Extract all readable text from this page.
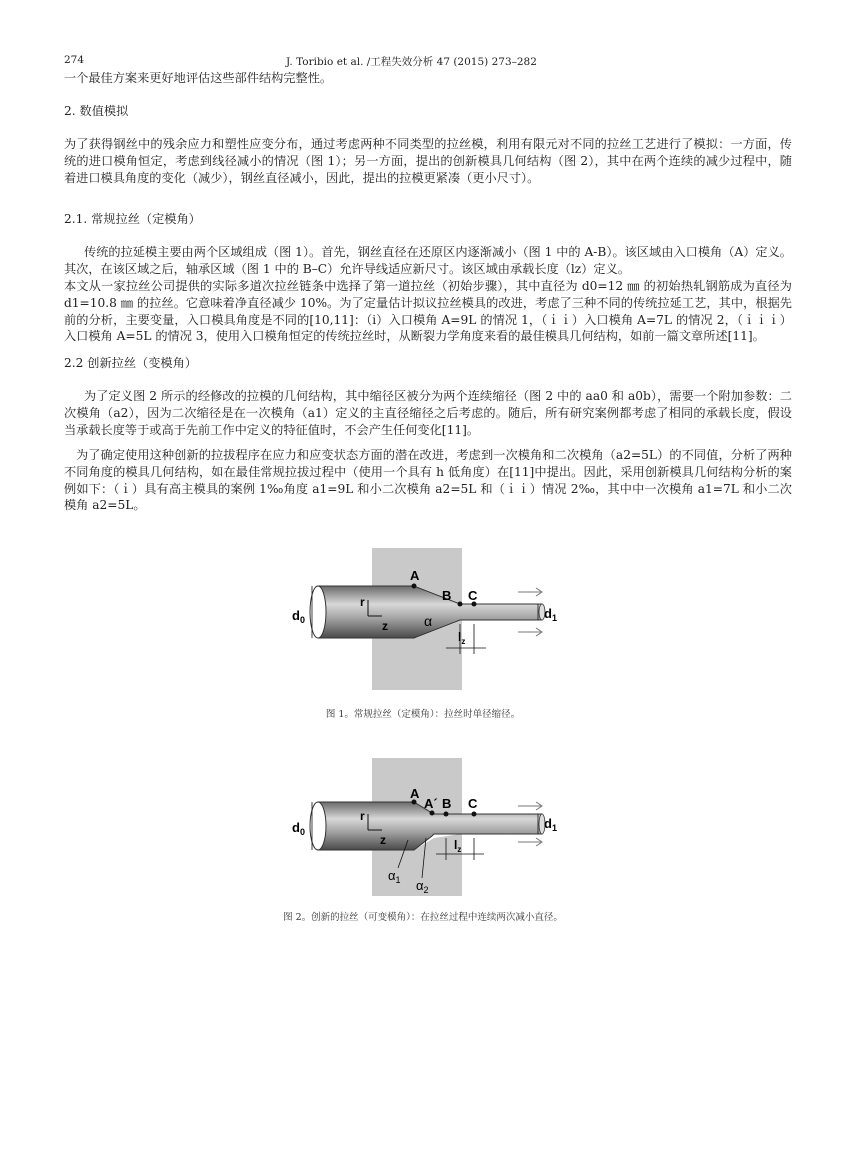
274	J. Toribio et al. /工程失效分析 47 (2015) 273–282

一个最佳方案来更好地评估这些部件结构完整性。

2. 数值模拟

为了获得钢丝中的残余应力和塑性应变分布，通过考虑两种不同类型的拉丝模，利用有限元对不同的拉丝工艺进行了模拟：一方面，传统的进口模角恒定，考虑到线径减小的情况（图 1）；另一方面，提出的创新模具几何结构（图 2），其中在两个连续的减少过程中，随着进口模具角度的变化（减少），钢丝直径减小，因此，提出的拉模更紧凑（更小尺寸）。

2.1. 常规拉丝（定模角）

传统的拉延模主要由两个区域组成（图 1）。首先，钢丝直径在还原区内逐渐减小（图 1 中的 A-B）。该区域由入口模角（A）定义。其次，在该区域之后，轴承区域（图 1 中的 B–C）允许导线适应新尺寸。该区域由承载长度（lz）定义。

本文从一家拉丝公司提供的实际多道次拉丝链条中选择了第一道拉丝（初始步骤），其中直径为 d0=12 ㎜ 的初始热轧钢筋成为直径为 d1=10.8 ㎜ 的拉丝。它意味着净直径减少 10%。为了定量估计拟议拉丝模具的改进，考虑了三种不同的传统拉延工艺，其中，根据先前的分析，主要变量，入口模具角度是不同的[10,11]：（i）入口模角 A=9L 的情况 1，（ｉｉ）入口模角 A=7L 的情况 2，（ｉｉｉ）入口模角 A=5L 的情况 3，使用入口模角恒定的传统拉丝时，从断裂力学角度来看的最佳模具几何结构，如前一篇文章所述[11]。

2.2 创新拉丝（变模角）

为了定义图 2 所示的经修改的拉模的几何结构，其中缩径区被分为两个连续缩径（图 2 中的 aa0 和 a0b），需要一个附加参数：二次模角（a2），因为二次缩径是在一次模角（a1）定义的主直径缩径之后考虑的。随后，所有研究案例都考虑了相同的承载长度，假设当承载长度等于或高于先前工作中定义的特征值时，不会产生任何变化[11]。

为了确定使用这种创新的拉拔程序在应力和应变状态方面的潜在改进，考虑到一次模角和二次模角（a2=5L）的不同值，分析了两种不同角度的模具几何结构，如在最佳常规拉拔过程中（使用一个具有 h 低角度）在[11]中提出。因此，采用创新模具几何结构分析的案例如下：（ｉ）具有高主模具的案例 1‰角度 a1=9L 和小二次模角 a2=5L 和（ｉｉ）情况 2‰，其中中一次模角 a1=7L 和小二次模角 a2=5L。

A
B C
r
z	α
$d_0$	$d_1$
$l_z$

图 1。常规拉丝（定模角）：拉丝时单径缩径。

A
A´ B C
r
z
$\alpha_1$ $\alpha_2$
$d_0$
$d_1$
$l_z$

图 2。创新的拉丝（可变模角）：在拉丝过程中连续两次减小直径。
